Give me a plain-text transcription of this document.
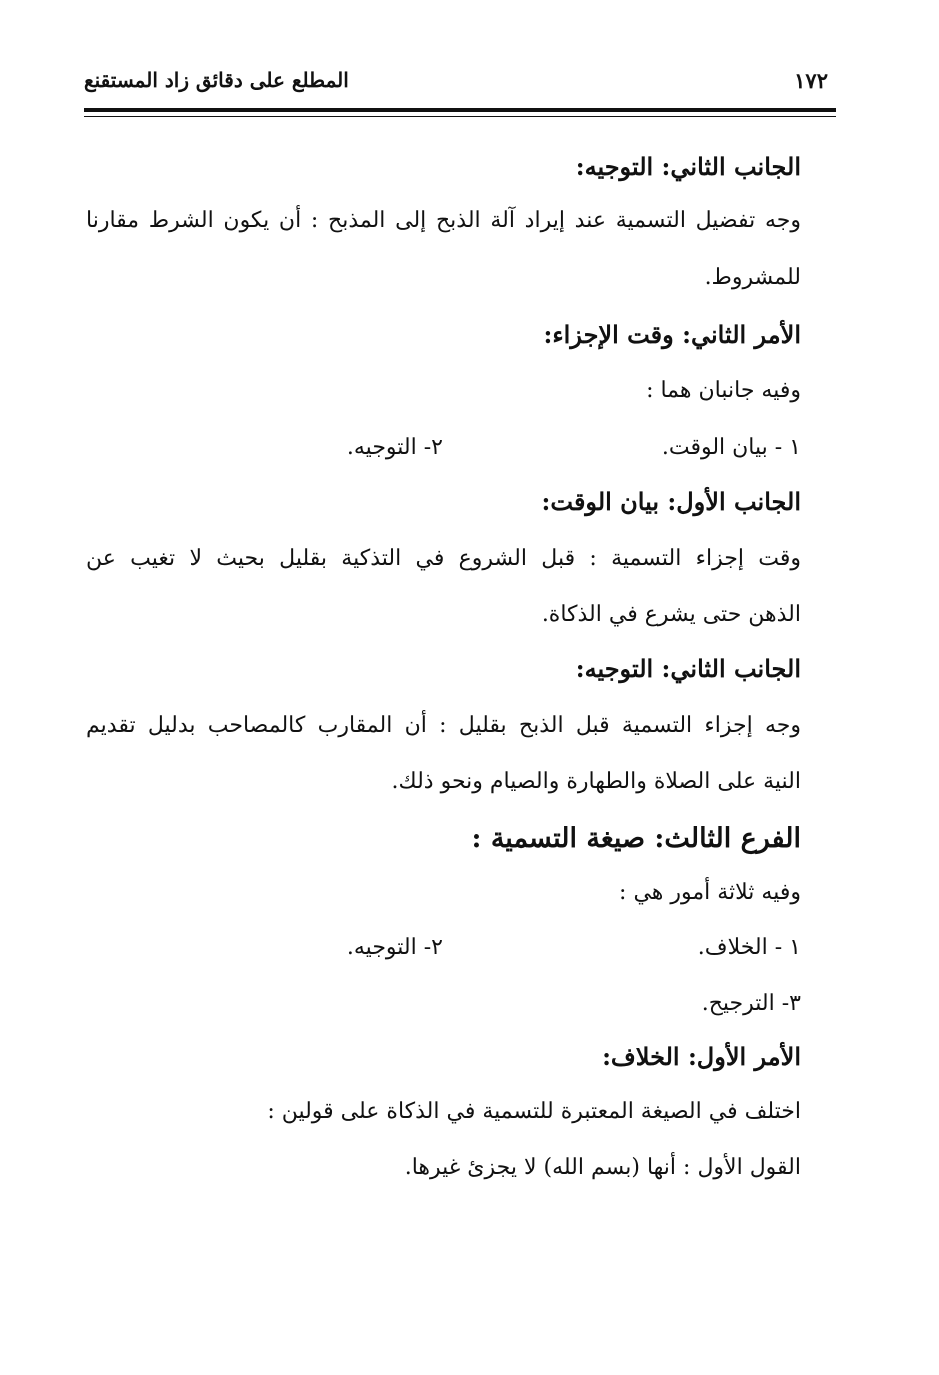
المطلع على دقائق زاد المستقنع	١٧٢
الجانب الثاني: التوجيه:
وجه تفضيل التسمية عند إيراد آلة الذبح إلى المذبح : أن يكون الشرط مقارنا
للمشروط.
الأمر الثاني: وقت الإجزاء:
وفيه جانبان هما :
١ - بيان الوقت.
٢- التوجيه.
الجانب الأول: بيان الوقت:
وقت إجزاء التسمية : قبل الشروع في التذكية بقليل بحيث لا تغيب عن
الذهن حتى يشرع في الذكاة.
الجانب الثاني: التوجيه:
وجه إجزاء التسمية قبل الذبح بقليل : أن المقارب كالمصاحب بدليل تقديم
النية على الصلاة والطهارة والصيام ونحو ذلك.
الفرع الثالث: صيغة التسمية :
وفيه ثلاثة أمور هي :
١ - الخلاف.
٢- التوجيه.
٣- الترجيح.
الأمر الأول: الخلاف:
اختلف في الصيغة المعتبرة للتسمية في الذكاة على قولين :
القول الأول : أنها (بسم الله) لا يجزئ غيرها.
